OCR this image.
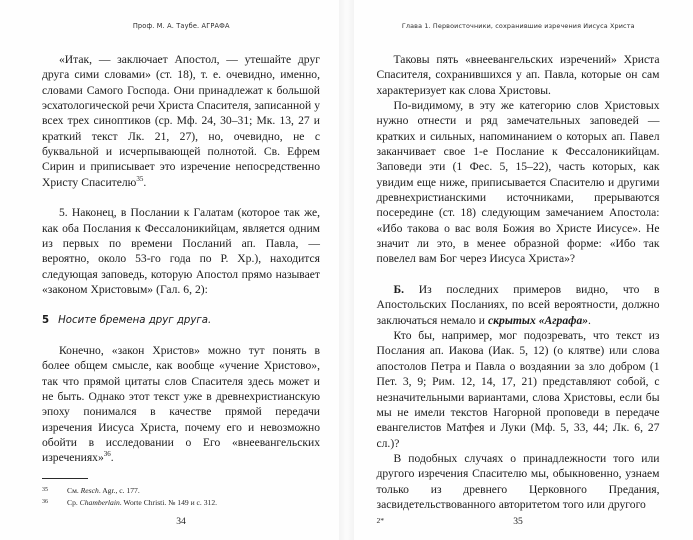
Проф. М. А. Таубе. АГРАФА

«Итак, — заключает Апостол, — утешайте друг друга сими словами» (ст. 18), т. е. очевидно, именно, словами Самого Господа. Они принадлежат к большой эсхатологической речи Христа Спасителя, записанной у всех трех синоптиков (ср. Мф. 24, 30–31; Мк. 13, 27 и краткий текст Лк. 21, 27), но, очевидно, не с буквальной и исчерпывающей полнотой. Св. Ефрем Сирин и приписывает это изречение непосредственно Христу Спасителю$^{35}$.

5. Наконец, в Послании к Галатам (которое так же, как оба Послания к Фессалоникийцам, является одним из первых по времени Посланий ап. Павла, — вероятно, около 53-го года по Р. Хр.), находится следующая заповедь, которую Апостол прямо называет «законом Христовым» (Гал. 6, 2):

5 Носите бремена друг друга.

Конечно, «закон Христов» можно тут понять в более общем смысле, как вообще «учение Христово», так что прямой цитаты слов Спасителя здесь может и не быть. Однако этот текст уже в древнехристианскую эпоху понимался в качестве прямой передачи изречения Иисуса Христа, почему его и невозможно обойти в исследовании о Его «внеевангельских изречениях»$^{36}$.

35	См. Resch. Agr., с. 177.
36	Ср. Chamberlain. Worte Christi. № 149 и с. 312.
34
Глава 1. Первоисточники, сохранившие изречения Иисуса Христа

Таковы пять «внеевангельских изречений» Христа Спасителя, сохранившихся у ап. Павла, которые он сам характеризует как слова Христовы.

По-видимому, в эту же категорию слов Христовых нужно отнести и ряд замечательных заповедей — кратких и сильных, напоминанием о которых ап. Павел заканчивает свое 1-е Послание к Фессалоникийцам. Заповеди эти (1 Фес. 5, 15–22), часть которых, как увидим еще ниже, приписывается Спасителю и другими древнехристианскими источниками, прерываются посередине (ст. 18) следующим замечанием Апостола: «Ибо такова о вас воля Божия во Христе Иисусе». Не значит ли это, в менее образной форме: «Ибо так повелел вам Бог через Иисуса Христа»?

Б. Из последних примеров видно, что в Апостольских Посланиях, по всей вероятности, должно заключаться немало и скрытых «Аграфа».

Кто бы, например, мог подозревать, что текст из Послания ап. Иакова (Иак. 5, 12) (о клятве) или слова апостолов Петра и Павла о воздаянии за зло добром (1 Пет. 3, 9; Рим. 12, 14, 17, 21) представляют собой, с незначительными вариантами, слова Христовы, если бы мы не имели текстов Нагорной проповеди в передаче евангелистов Матфея и Луки (Мф. 5, 33, 44; Лк. 6, 27 сл.)?

В подобных случаях о принадлежности того или другого изречения Спасителю мы, обыкновенно, узнаем только из древнего Церковного Предания, засвидетельствованного авторитетом того или другого

2*	35
